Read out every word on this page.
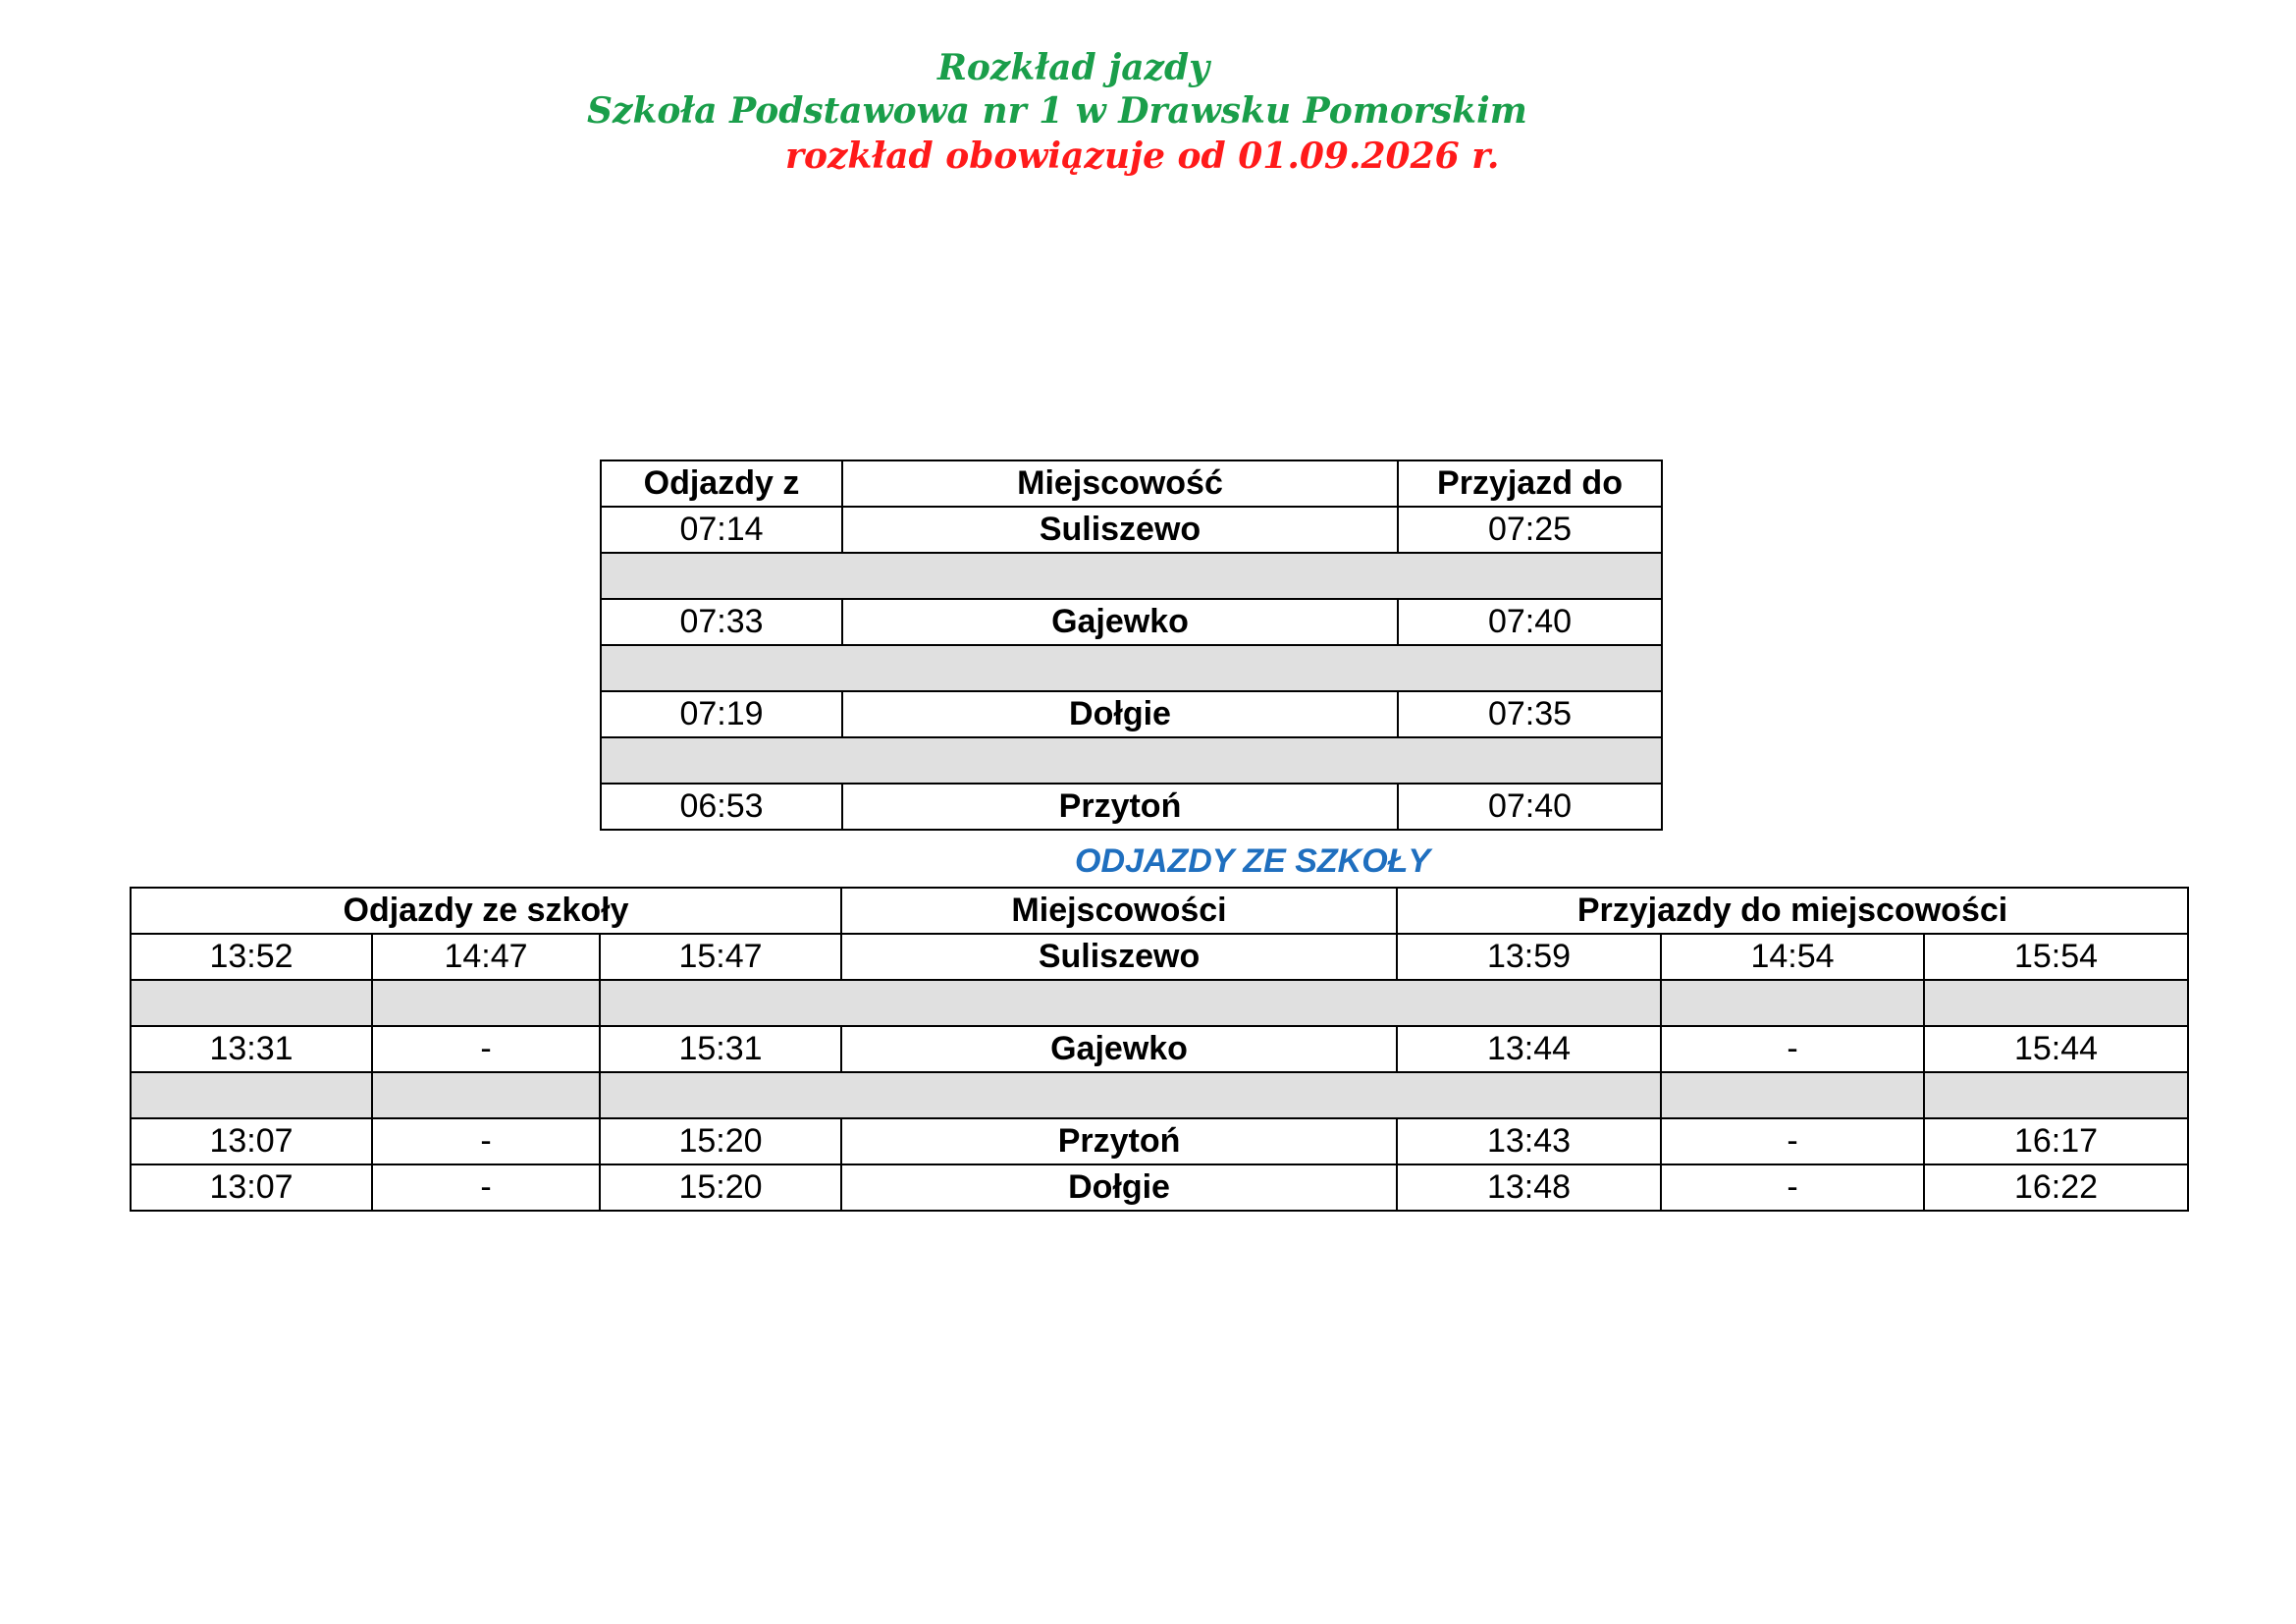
Rozkład jazdy
Szkoła Podstawowa nr 1 w Drawsku Pomorskim
rozkład obowiązuje od 01.09.2026 r.
Odjazdy z	Miejscowość	Przyjazd do
07:14	Suliszewo	07:25

07:33	Gajewko	07:40

07:19	Dołgie	07:35

06:53	Przytoń	07:40
ODJAZDY ZE SZKOŁY
Odjazdy ze szkoły			Miejscowości	Przyjazdy do miejscowości		
13:52	14:47	15:47	Suliszewo	13:59	14:54	15:54

13:31	-	15:31	Gajewko	13:44	-	15:44

13:07	-	15:20	Przytoń	13:43	-	16:17
13:07	-	15:20	Dołgie	13:48	-	16:22
